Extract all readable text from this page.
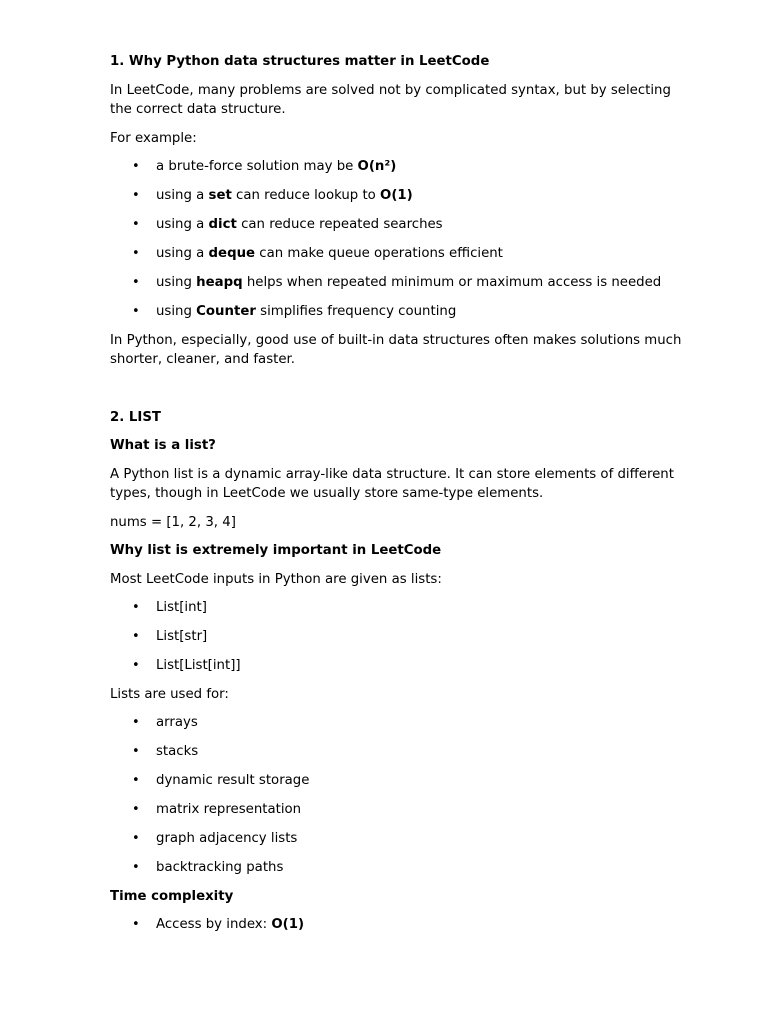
1. Why Python data structures matter in LeetCode

In LeetCode, many problems are solved not by complicated syntax, but by selecting the correct data structure.

For example:

• a brute-force solution may be O(n²)
• using a set can reduce lookup to O(1)
• using a dict can reduce repeated searches
• using a deque can make queue operations efficient
• using heapq helps when repeated minimum or maximum access is needed
• using Counter simplifies frequency counting

In Python, especially, good use of built-in data structures often makes solutions much shorter, cleaner, and faster.

2. LIST

What is a list?

A Python list is a dynamic array-like data structure. It can store elements of different types, though in LeetCode we usually store same-type elements.

nums = [1, 2, 3, 4]

Why list is extremely important in LeetCode

Most LeetCode inputs in Python are given as lists:

• List[int]
• List[str]
• List[List[int]]

Lists are used for:

• arrays
• stacks
• dynamic result storage
• matrix representation
• graph adjacency lists
• backtracking paths

Time complexity

• Access by index: O(1)
